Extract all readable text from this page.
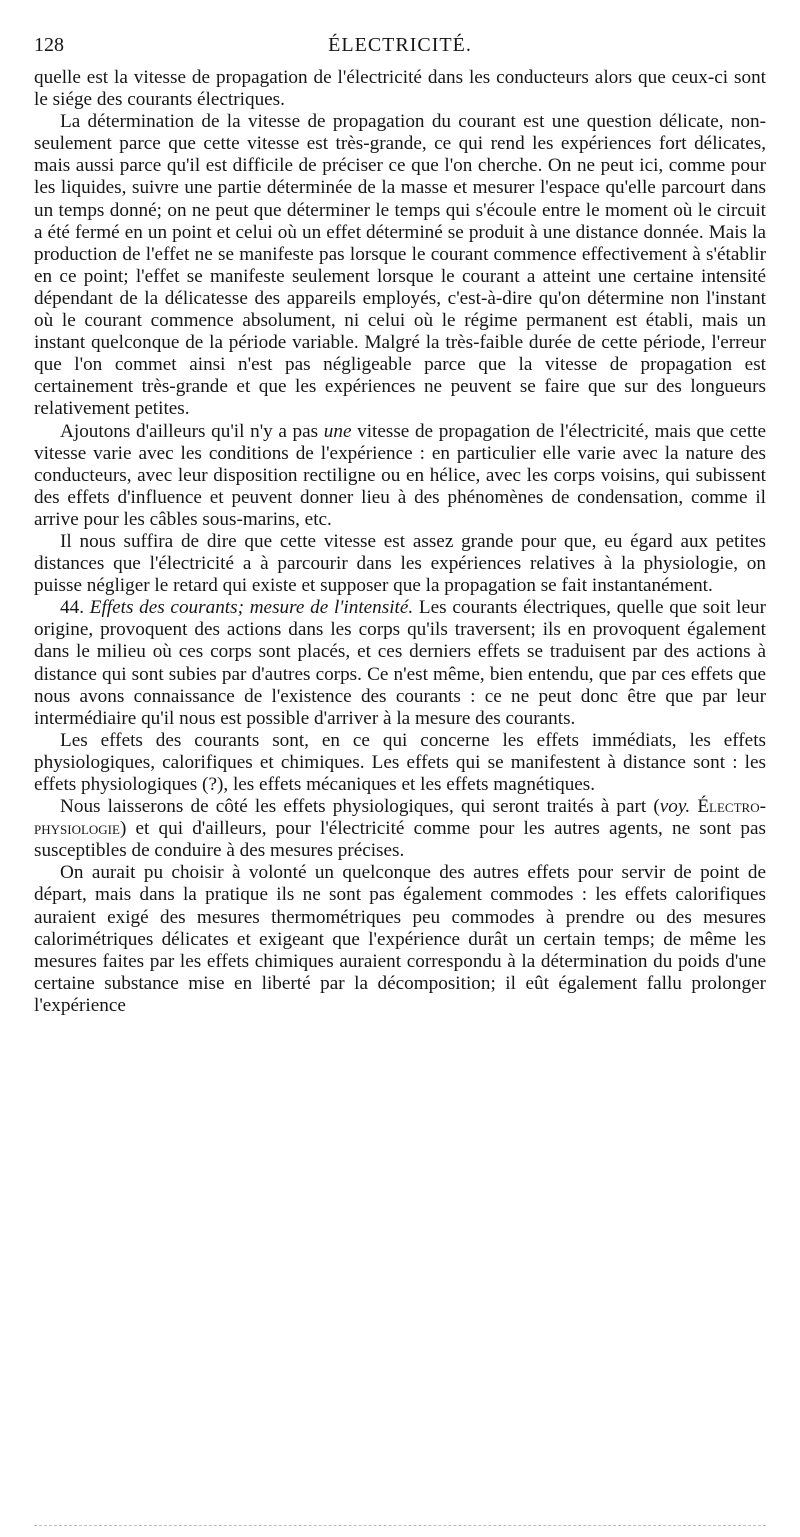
128	ÉLECTRICITÉ.

quelle est la vitesse de propagation de l'électricité dans les conducteurs alors que ceux-ci sont le siége des courants électriques.

La détermination de la vitesse de propagation du courant est une question délicate, non-seulement parce que cette vitesse est très-grande, ce qui rend les expériences fort délicates, mais aussi parce qu'il est difficile de préciser ce que l'on cherche. On ne peut ici, comme pour les liquides, suivre une partie déterminée de la masse et mesurer l'espace qu'elle parcourt dans un temps donné; on ne peut que déterminer le temps qui s'écoule entre le moment où le circuit a été fermé en un point et celui où un effet déterminé se produit à une distance donnée. Mais la production de l'effet ne se manifeste pas lorsque le courant commence effectivement à s'établir en ce point; l'effet se manifeste seulement lorsque le courant a atteint une certaine intensité dépendant de la délicatesse des appareils employés, c'est-à-dire qu'on détermine non l'instant où le courant commence absolument, ni celui où le régime permanent est établi, mais un instant quelconque de la période variable. Malgré la très-faible durée de cette période, l'erreur que l'on commet ainsi n'est pas négligeable parce que la vitesse de propagation est certainement très-grande et que les expériences ne peuvent se faire que sur des longueurs relativement petites.

Ajoutons d'ailleurs qu'il n'y a pas une vitesse de propagation de l'électricité, mais que cette vitesse varie avec les conditions de l'expérience : en particulier elle varie avec la nature des conducteurs, avec leur disposition rectiligne ou en hélice, avec les corps voisins, qui subissent des effets d'influence et peuvent donner lieu à des phénomènes de condensation, comme il arrive pour les câbles sous-marins, etc.

Il nous suffira de dire que cette vitesse est assez grande pour que, eu égard aux petites distances que l'électricité a à parcourir dans les expériences relatives à la physiologie, on puisse négliger le retard qui existe et supposer que la propagation se fait instantanément.

44. Effets des courants; mesure de l'intensité. Les courants électriques, quelle que soit leur origine, provoquent des actions dans les corps qu'ils traversent; ils en provoquent également dans le milieu où ces corps sont placés, et ces derniers effets se traduisent par des actions à distance qui sont subies par d'autres corps. Ce n'est même, bien entendu, que par ces effets que nous avons connaissance de l'existence des courants : ce ne peut donc être que par leur intermédiaire qu'il nous est possible d'arriver à la mesure des courants.

Les effets des courants sont, en ce qui concerne les effets immédiats, les effets physiologiques, calorifiques et chimiques. Les effets qui se manifestent à distance sont : les effets physiologiques (?), les effets mécaniques et les effets magnétiques.

Nous laisserons de côté les effets physiologiques, qui seront traités à part (voy. Électro-physiologie) et qui d'ailleurs, pour l'électricité comme pour les autres agents, ne sont pas susceptibles de conduire à des mesures précises.

On aurait pu choisir à volonté un quelconque des autres effets pour servir de point de départ, mais dans la pratique ils ne sont pas également commodes : les effets calorifiques auraient exigé des mesures thermométriques peu commodes à prendre ou des mesures calorimétriques délicates et exigeant que l'expérience durât un certain temps; de même les mesures faites par les effets chimiques auraient correspondu à la détermination du poids d'une certaine substance mise en liberté par la décomposition; il eût également fallu prolonger l'expérience
